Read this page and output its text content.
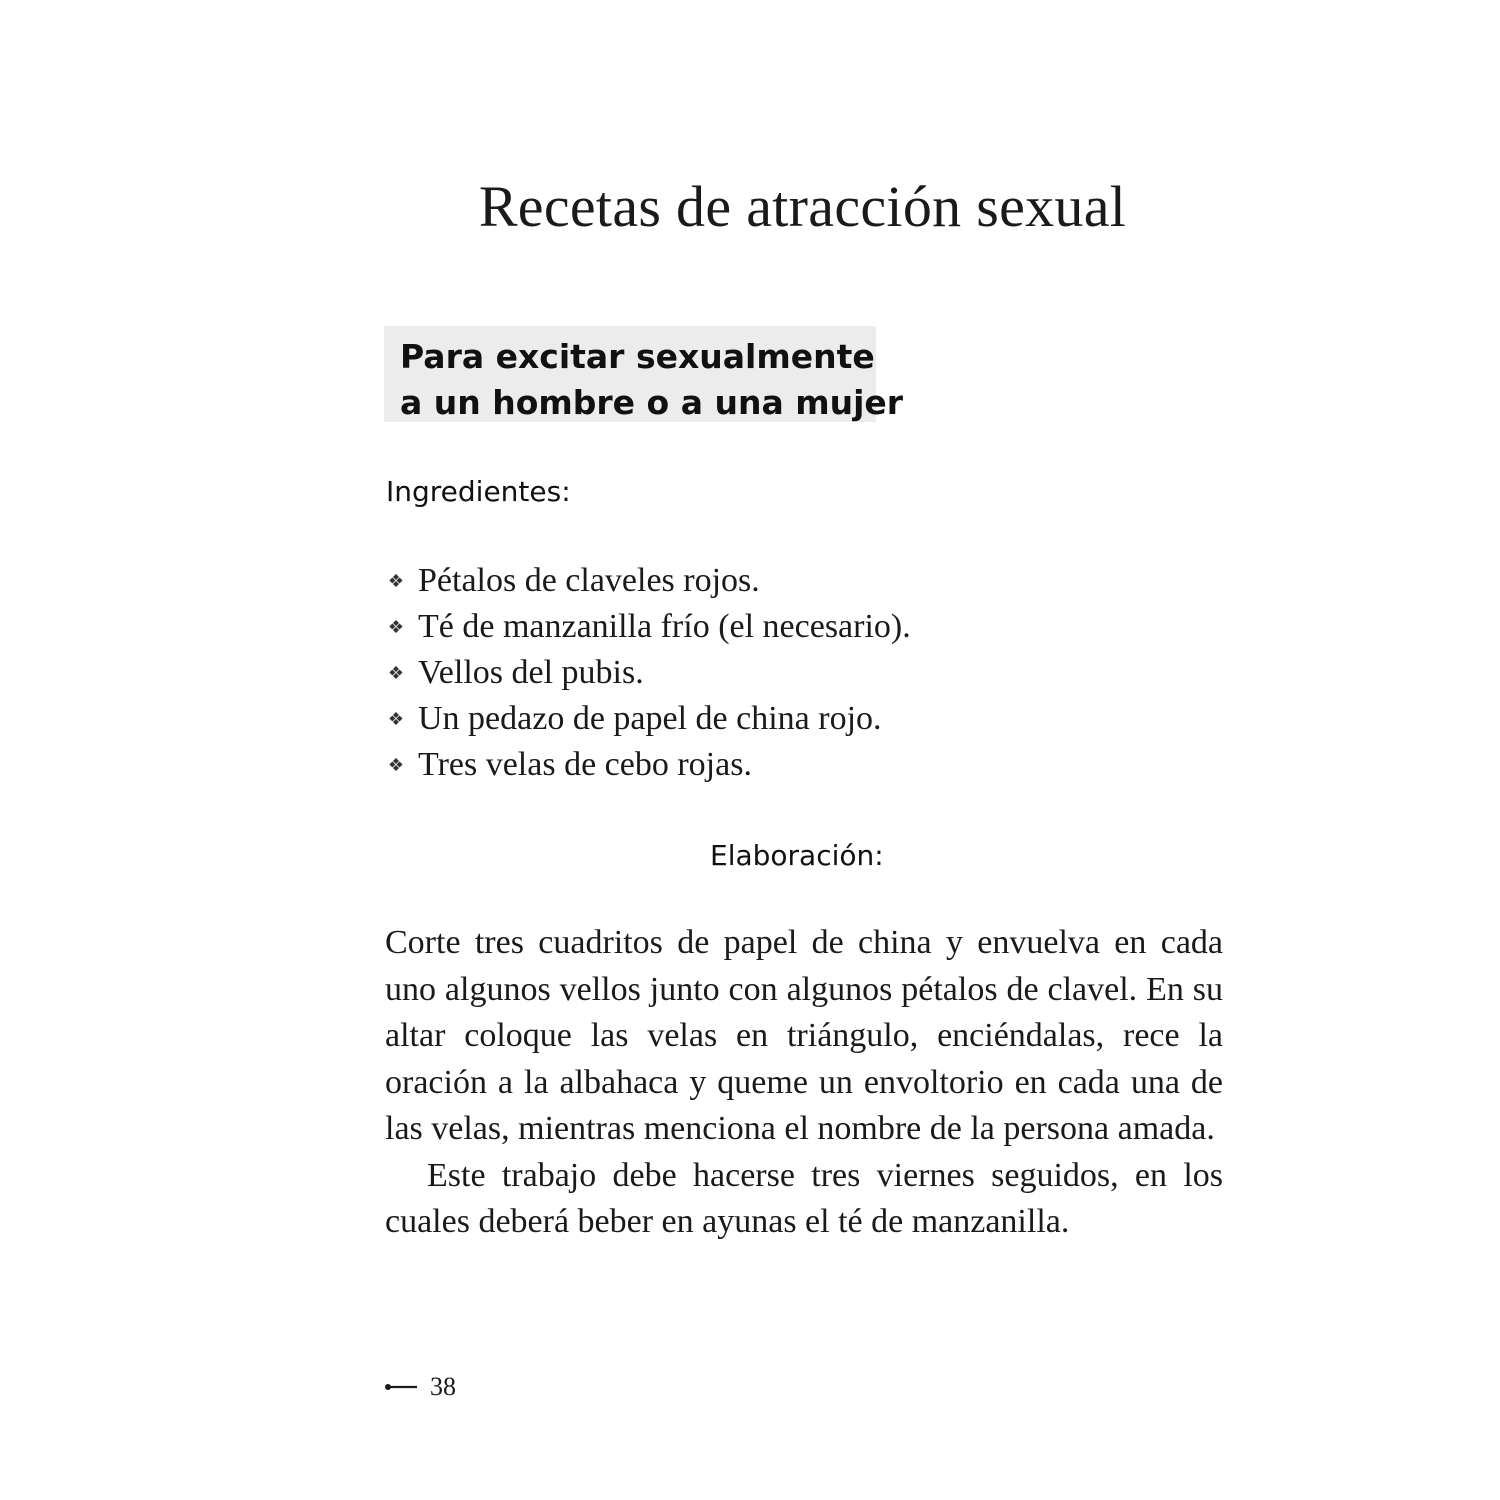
Recetas de atracción sexual
Para excitar sexualmente
a un hombre o a una mujer
Ingredientes:
❖ Pétalos de claveles rojos.
❖ Té de manzanilla frío (el necesario).
❖ Vellos del pubis.
❖ Un pedazo de papel de china rojo.
❖ Tres velas de cebo rojas.
Elaboración:

Corte tres cuadritos de papel de china y envuelva en cada uno algunos vellos junto con algunos pétalos de clavel. En su altar coloque las velas en triángulo, enciéndalas, rece la oración a la albahaca y queme un envoltorio en cada una de las velas, mientras menciona el nombre de la persona amada.

Este trabajo debe hacerse tres viernes seguidos, en los cuales deberá beber en ayunas el té de manzanilla.

38
